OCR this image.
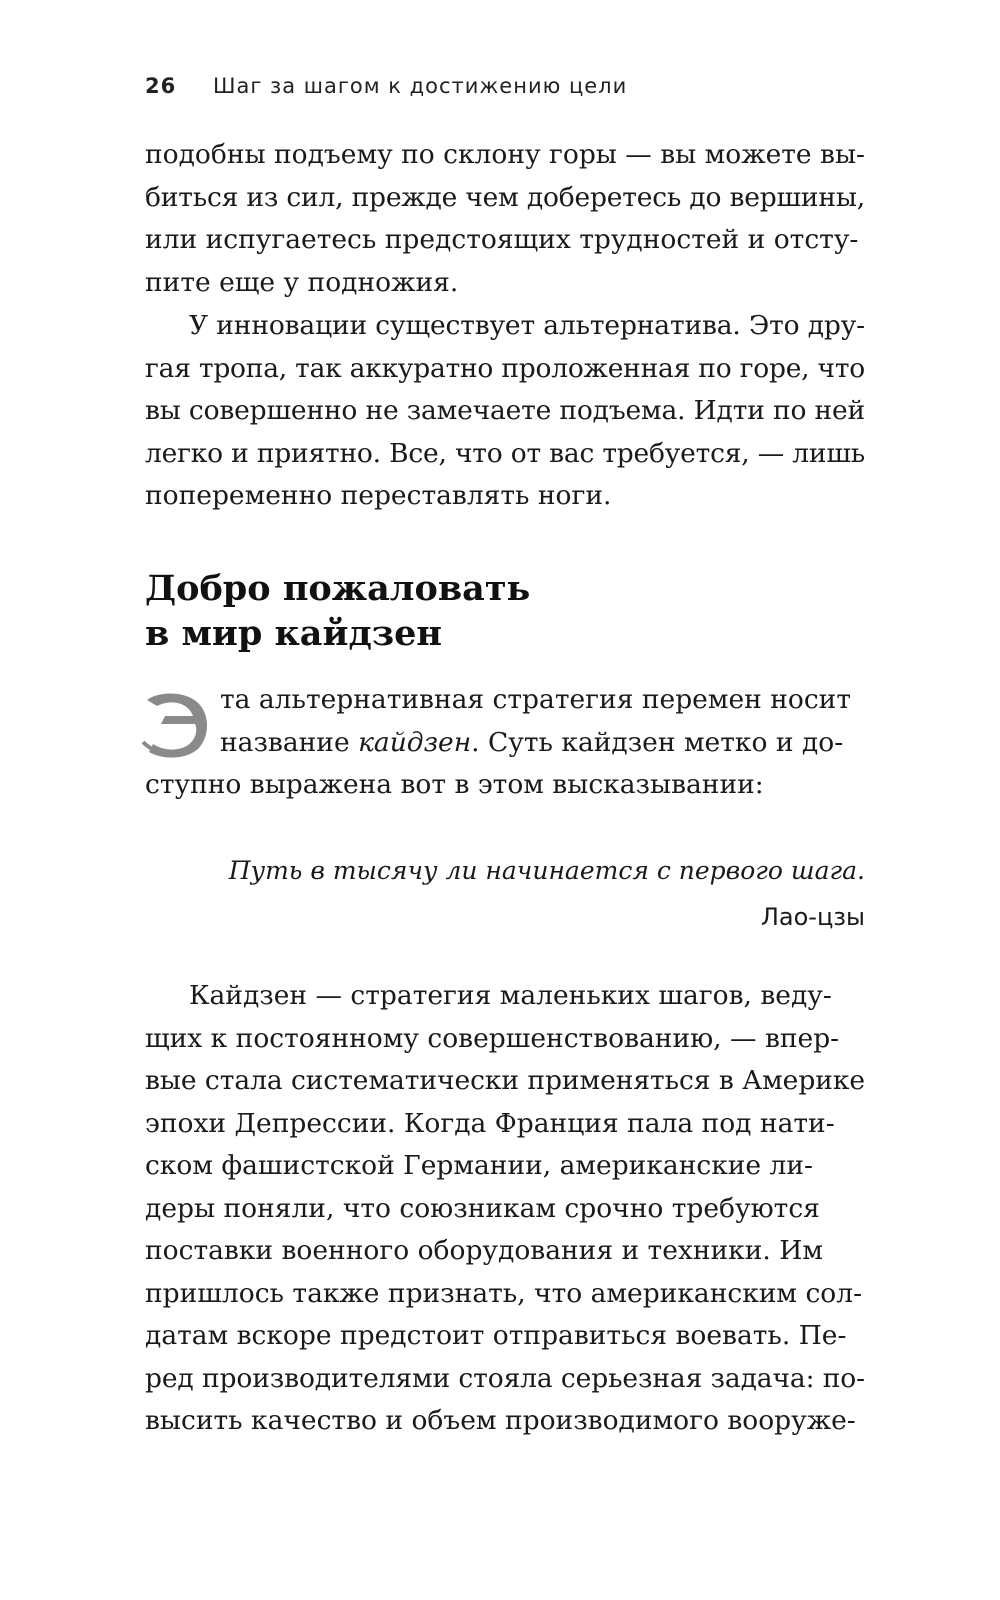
26	Шаг за шагом к достижению цели
подобны подъему по склону горы — вы можете вы-
биться из сил, прежде чем доберетесь до вершины,
или испугаетесь предстоящих трудностей и отсту-
пите еще у подножия.
У инновации существует альтернатива. Это дру-
гая тропа, так аккуратно проложенная по горе, что
вы совершенно не замечаете подъема. Идти по ней
легко и приятно. Все, что от вас требуется, — лишь
попеременно переставлять ноги.
Добро пожаловать
в мир кайдзен
та альтернативная стратегия перемен носит
название кайдзен. Суть кайдзен метко и до-
ступно выражена вот в этом высказывании:
Путь в тысячу ли начинается с первого шага.
Лао-цзы
Кайдзен — стратегия маленьких шагов, веду-
щих к постоянному совершенствованию, — впер-
вые стала систематически применяться в Америке
эпохи Депрессии. Когда Франция пала под нати-
ском фашистской Германии, американские ли-
деры поняли, что союзникам срочно требуются
поставки военного оборудования и техники. Им
пришлось также признать, что американским сол-
датам вскоре предстоит отправиться воевать. Пе-
ред производителями стояла серьезная задача: по-
высить качество и объем производимого вооруже-
